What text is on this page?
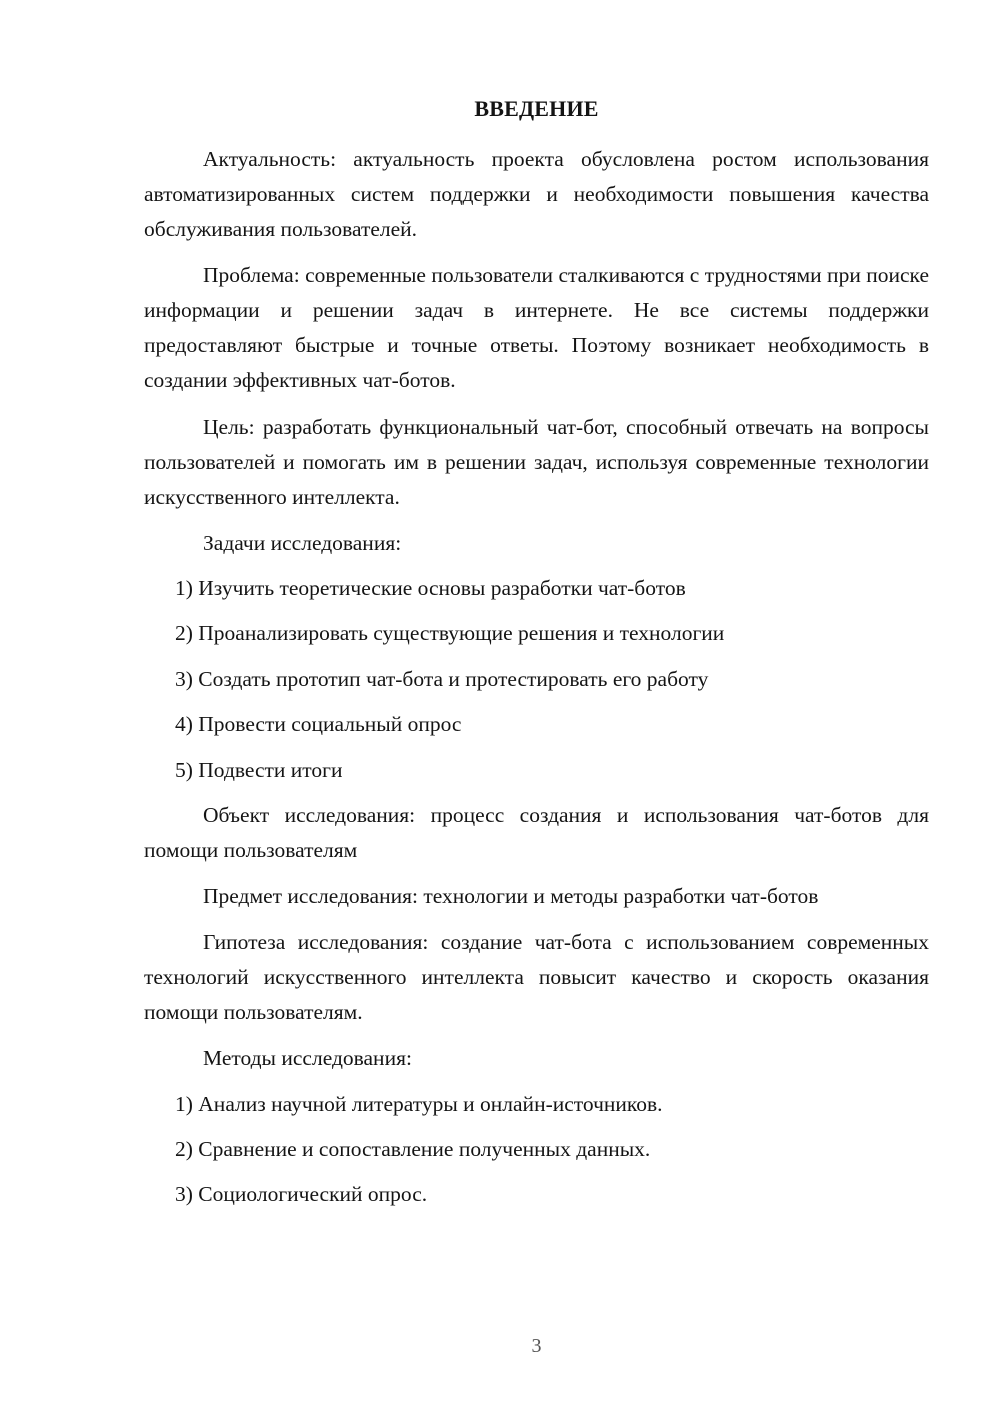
ВВЕДЕНИЕ

Актуальность: актуальность проекта обусловлена ростом использования автоматизированных систем поддержки и необходимости повышения качества обслуживания пользователей.

Проблема: современные пользователи сталкиваются с трудностями при поиске информации и решении задач в интернете. Не все системы поддержки предоставляют быстрые и точные ответы. Поэтому возникает необходимость в создании эффективных чат-ботов.

Цель: разработать функциональный чат-бот, способный отвечать на вопросы пользователей и помогать им в решении задач, используя современные технологии искусственного интеллекта.

Задачи исследования:

1) Изучить теоретические основы разработки чат-ботов

2) Проанализировать существующие решения и технологии

3) Создать прототип чат-бота и протестировать его работу

4) Провести социальный опрос

5) Подвести итоги

Объект исследования: процесс создания и использования чат-ботов для помощи пользователям

Предмет исследования: технологии и методы разработки чат-ботов

Гипотеза исследования: создание чат-бота с использованием современных технологий искусственного интеллекта повысит качество и скорость оказания помощи пользователям.

Методы исследования:

1) Анализ научной литературы и онлайн-источников.

2) Сравнение и сопоставление полученных данных.

3) Социологический опрос.

3
